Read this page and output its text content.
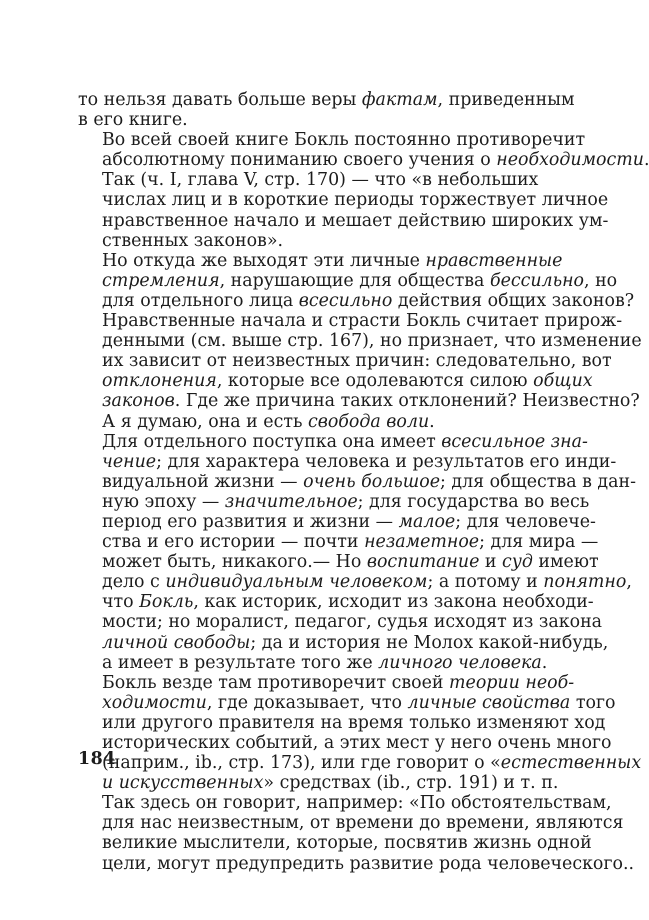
то нельзя давать больше веры фактам, приведенным
в его книге.

Во всей своей книге Бокль постоянно противоречит
абсолютному пониманию своего учения о необходимости.

Так (ч. I, глава V, стр. 170) — что «в небольших
числах лиц и в короткие периоды торжествует личное
нравственное начало и мешает действию широких ум-
ственных законов».

Но откуда же выходят эти личные нравственные
стремления, нарушающие для общества бессильно, но
для отдельного лица всесильно действия общих законов?
Нравственные начала и страсти Бокль считает прирож-
денными (см. выше стр. 167), но признает, что изменение
их зависит от неизвестных причин: следовательно, вот
отклонения, которые все одолеваются силою общих
законов. Где же причина таких отклонений? Неизвестно?
А я думаю, она и есть свобода воли.

Для отдельного поступка она имеет всесильное зна-
чение; для характера человека и результатов его инди-
видуальной жизни — очень большое; для общества в дан-
ную эпоху — значительное; для государства во весь
перıод его развития и жизни — малое; для человече-
ства и его истории — почти незаметное; для мира —
может быть, никакого.— Но воспитание и суд имеют
дело с индивидуальным человеком; а потому и понятно,
что Бокль, как историк, исходит из закона необходи-
мости; но моралист, педагог, судья исходят из закона
личной свободы; да и история не Молох какой-нибудь,
а имеет в результате того же личного человека.

Бокль везде там противоречит своей теории необ-
ходимости, где доказывает, что личные свойства того
или другого правителя на время только изменяют ход
исторических событий, а этих мест у него очень много
(наприм., ib., стр. 173), или где говорит о «естественных
и искусственных» средствах (ib., стр. 191) и т. п.

Так здесь он говорит, например: «По обстоятельствам,
для нас неизвестным, от времени до времени, являются
великие мыслители, которые, посвятив жизнь одной
цели, могут предупредить развитие рода человеческого..

184
